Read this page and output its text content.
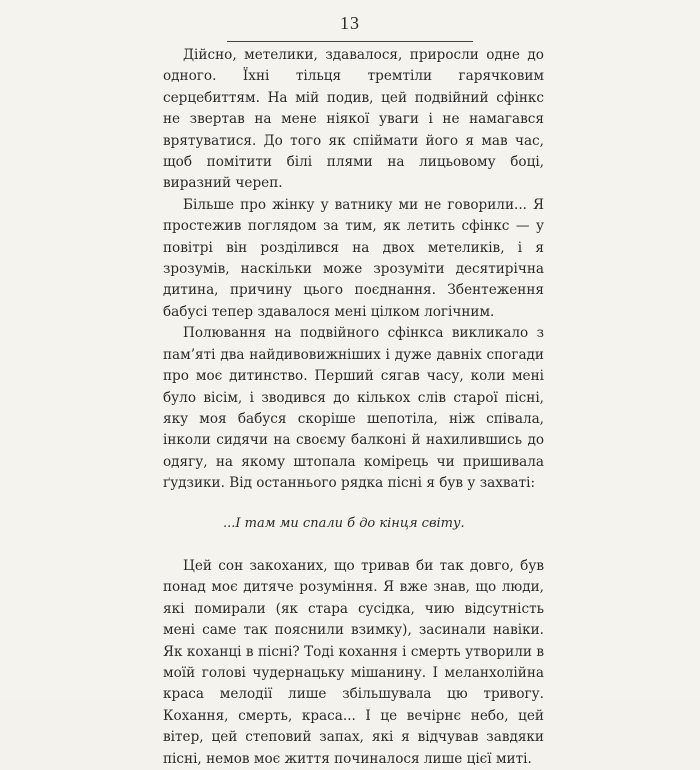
13

Дійсно, метелики, здавалося, приросли одне до одного. Їхні тільця тремтіли гарячковим серцебиттям. На мій подив, цей подвійний сфінкс не звертав на мене ніякої уваги і не намагався врятуватися. До того як спіймати його я мав час, щоб помітити білі плями на лицьовому боці, виразний череп.

Більше про жінку у ватнику ми не говорили... Я простежив поглядом за тим, як летить сфінкс — у повітрі він розділився на двох метеликів, і я зрозумів, наскільки може зрозуміти десятирічна дитина, причину цього поєднання. Збентеження бабусі тепер здавалося мені цілком логічним.

Полювання на подвійного сфінкса викликало з пам’яті два найдивовижніших і дуже давніх спогади про моє дитинство. Перший сягав часу, коли мені було вісім, і зводився до кількох слів старої пісні, яку моя бабуся скоріше шепотіла, ніж співала, інколи сидячи на своєму балконі й нахилившись до одягу, на якому штопала комірець чи пришивала ґудзики. Від останнього рядка пісні я був у захваті:

...І там ми спали б до кінця світу.

Цей сон закоханих, що тривав би так довго, був понад моє дитяче розуміння. Я вже знав, що люди, які помирали (як стара сусідка, чию відсутність мені саме так пояснили взимку), засинали навіки. Як коханці в пісні? Тоді кохання і смерть утворили в моїй голові чудернацьку мішанину. І меланхолійна краса мелодії лише збільшувала цю тривогу. Кохання, смерть, краса... І це вечірнє небо, цей вітер, цей степовий запах, які я відчував завдяки пісні, немов моє життя починалося лише цієї миті.
